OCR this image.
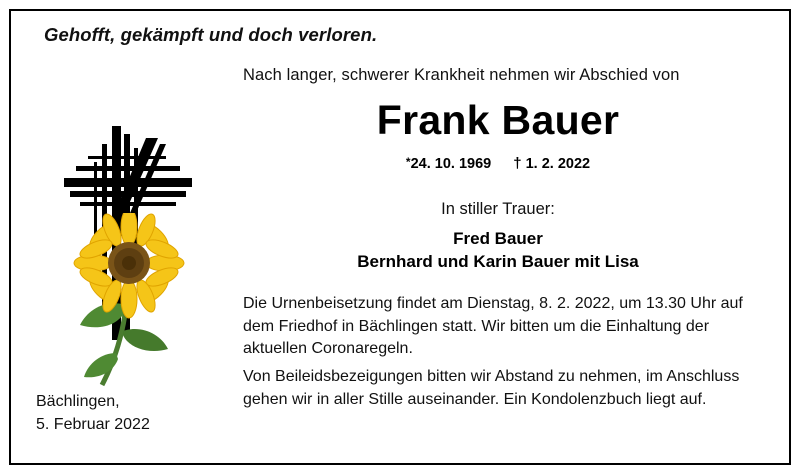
Gehofft, gekämpft und doch verloren.
Nach langer, schwerer Krankheit nehmen wir Abschied von
Frank Bauer
*24. 10. 1969 † 1. 2. 2022
In stiller Trauer:
Fred Bauer
Bernhard und Karin Bauer mit Lisa
Die Urnenbeisetzung findet am Dienstag, 8. 2. 2022, um 13.30 Uhr auf dem Friedhof in Bächlingen statt. Wir bitten um die Einhaltung der aktuellen Coronaregeln.
Von Beileidsbezeigungen bitten wir Abstand zu nehmen, im Anschluss gehen wir in aller Stille auseinander. Ein Kondolenzbuch liegt auf.
Bächlingen,
5. Februar 2022
